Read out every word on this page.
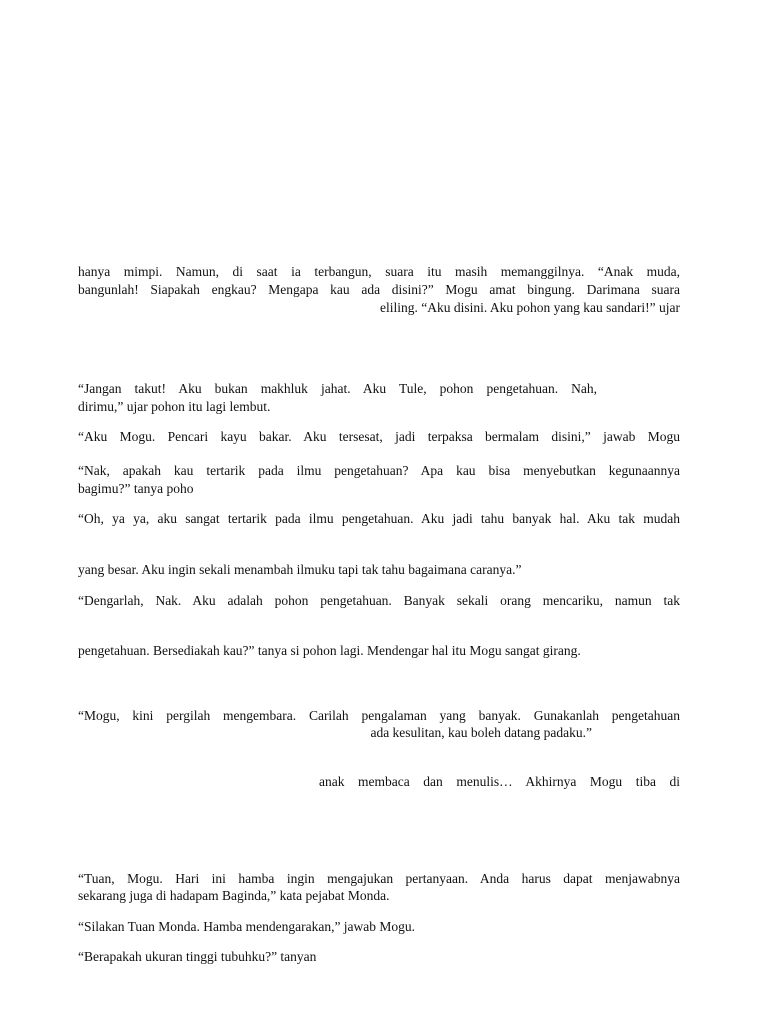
hanya mimpi. Namun, di saat ia terbangun, suara itu masih memanggilnya. “Anak muda,
bangunlah! Siapakah engkau? Mengapa kau ada disini?” Mogu amat bingung. Darimana suara
eliling. “Aku disini. Aku pohon yang kau sandari!” ujar
“Jangan takut! Aku bukan makhluk jahat. Aku Tule, pohon pengetahuan. Nah,
dirimu,” ujar pohon itu lagi lembut.
“Aku Mogu. Pencari kayu bakar. Aku tersesat, jadi terpaksa bermalam disini,” jawab Mogu
“Nak, apakah kau tertarik pada ilmu pengetahuan? Apa kau bisa menyebutkan kegunaannya
bagimu?” tanya poho
“Oh, ya ya, aku sangat tertarik pada ilmu pengetahuan. Aku jadi tahu banyak hal. Aku tak mudah
yang besar. Aku ingin sekali menambah ilmuku tapi tak tahu bagaimana caranya.”
“Dengarlah, Nak. Aku adalah pohon pengetahuan. Banyak sekali orang mencariku, namun tak
pengetahuan. Bersediakah kau?” tanya si pohon lagi. Mendengar hal itu Mogu sangat girang.
“Mogu, kini pergilah mengembara. Carilah pengalaman yang banyak. Gunakanlah pengetahuan
ada kesulitan, kau boleh datang padaku.”
anak membaca dan menulis… Akhirnya Mogu tiba di
“Tuan, Mogu. Hari ini hamba ingin mengajukan pertanyaan. Anda harus dapat menjawabnya
sekarang juga di hadapam Baginda,” kata pejabat Monda.
“Silakan Tuan Monda. Hamba mendengarakan,” jawab Mogu.
“Berapakah ukuran tinggi tubuhku?” tanyan
